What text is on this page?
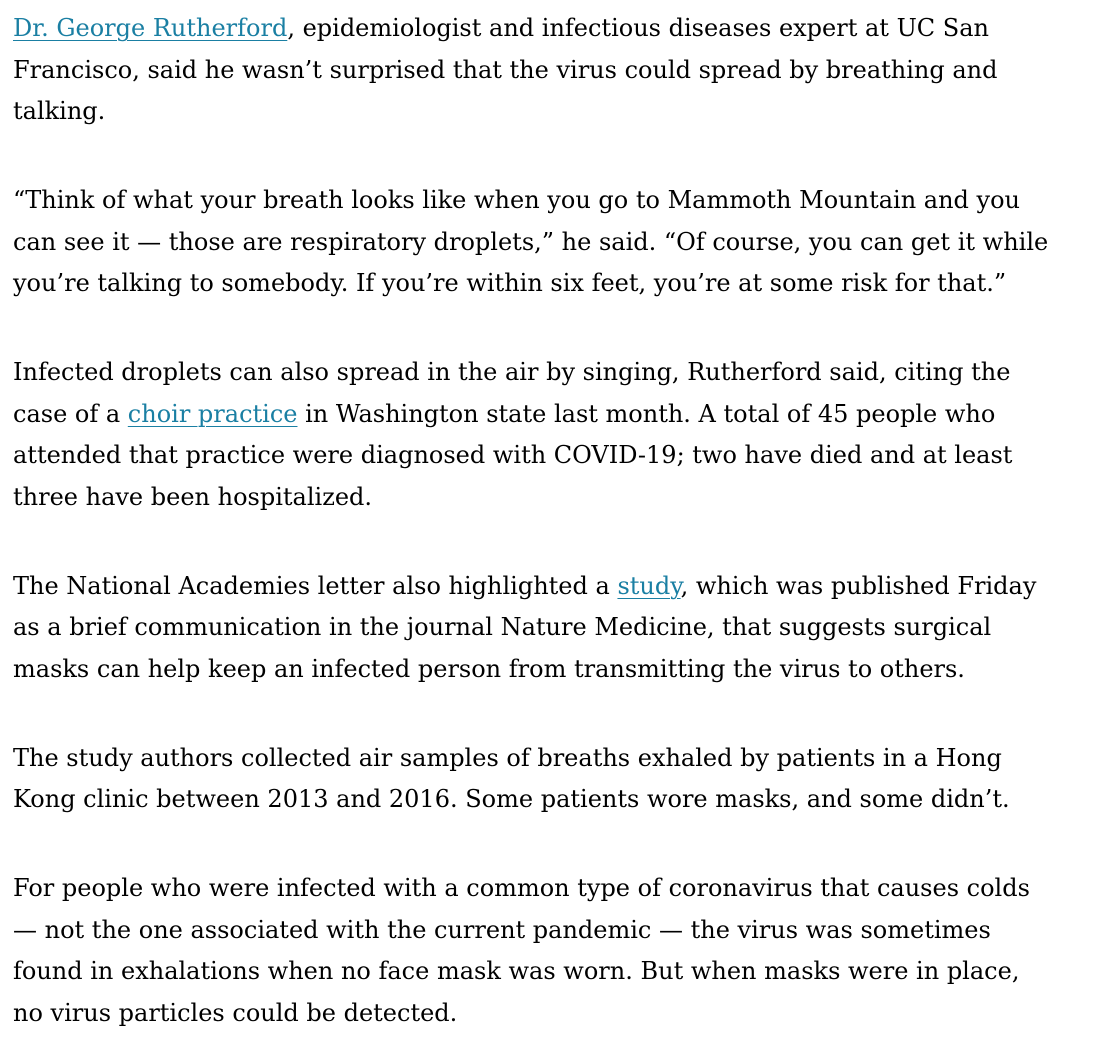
Dr. George Rutherford, epidemiologist and infectious diseases expert at UC San
Francisco, said he wasn’t surprised that the virus could spread by breathing and
talking.

“Think of what your breath looks like when you go to Mammoth Mountain and you
can see it — those are respiratory droplets,” he said. “Of course, you can get it while
you’re talking to somebody. If you’re within six feet, you’re at some risk for that.”

Infected droplets can also spread in the air by singing, Rutherford said, citing the
case of a choir practice in Washington state last month. A total of 45 people who
attended that practice were diagnosed with COVID-19; two have died and at least
three have been hospitalized.

The National Academies letter also highlighted a study, which was published Friday
as a brief communication in the journal Nature Medicine, that suggests surgical
masks can help keep an infected person from transmitting the virus to others.

The study authors collected air samples of breaths exhaled by patients in a Hong
Kong clinic between 2013 and 2016. Some patients wore masks, and some didn’t.

For people who were infected with a common type of coronavirus that causes colds
— not the one associated with the current pandemic — the virus was sometimes
found in exhalations when no face mask was worn. But when masks were in place,
no virus particles could be detected.
